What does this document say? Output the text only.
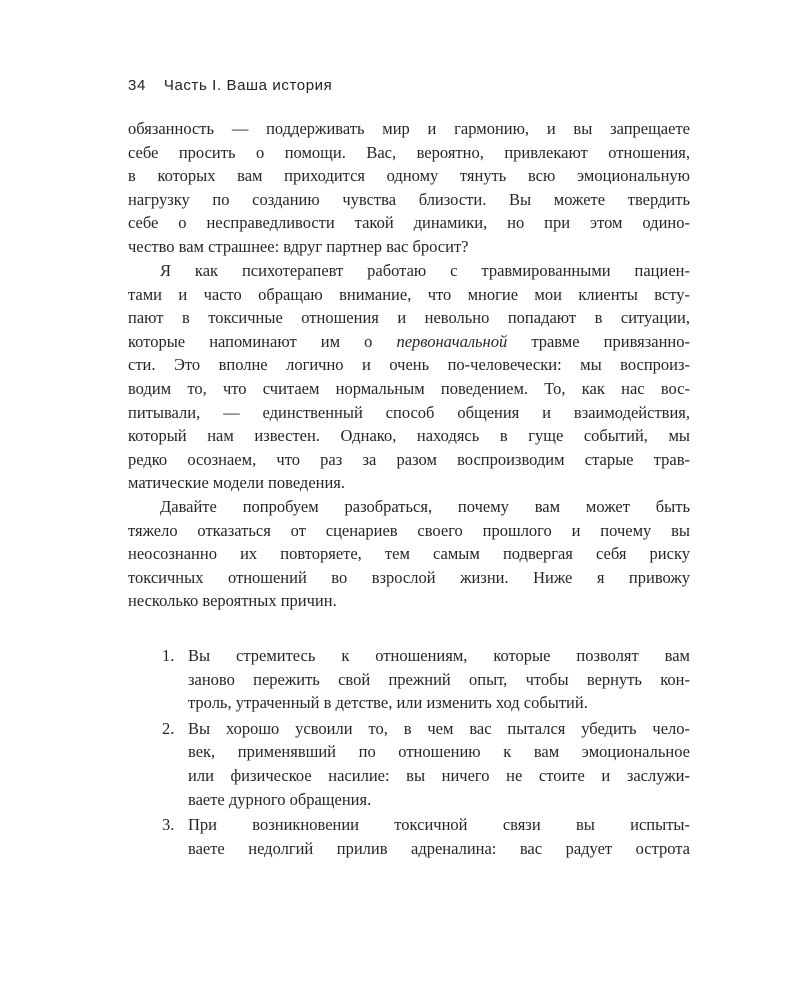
34 Часть I. Ваша история
обязанность — поддерживать мир и гармонию, и вы запрещаете
себе просить о помощи. Вас, вероятно, привлекают отношения,
в которых вам приходится одному тянуть всю эмоциональную
нагрузку по созданию чувства близости. Вы можете твердить
себе о несправедливости такой динамики, но при этом одино-
чество вам страшнее: вдруг партнер вас бросит?
Я как психотерапевт работаю с травмированными пациен-
тами и часто обращаю внимание, что многие мои клиенты всту-
пают в токсичные отношения и невольно попадают в ситуации,
которые напоминают им о первоначальной травме привязанно-
сти. Это вполне логично и очень по-человечески: мы воспроиз-
водим то, что считаем нормальным поведением. То, как нас вос-
питывали, — единственный способ общения и взаимодействия,
который нам известен. Однако, находясь в гуще событий, мы
редко осознаем, что раз за разом воспроизводим старые трав-
матические модели поведения.
Давайте попробуем разобраться, почему вам может быть
тяжело отказаться от сценариев своего прошлого и почему вы
неосознанно их повторяете, тем самым подвергая себя риску
токсичных отношений во взрослой жизни. Ниже я привожу
несколько вероятных причин.
1. Вы стремитесь к отношениям, которые позволят вам
заново пережить свой прежний опыт, чтобы вернуть кон-
троль, утраченный в детстве, или изменить ход событий.
2. Вы хорошо усвоили то, в чем вас пытался убедить чело-
век, применявший по отношению к вам эмоциональное
или физическое насилие: вы ничего не стоите и заслужи-
ваете дурного обращения.
3. При возникновении токсичной связи вы испыты-
ваете недолгий прилив адреналина: вас радует острота
